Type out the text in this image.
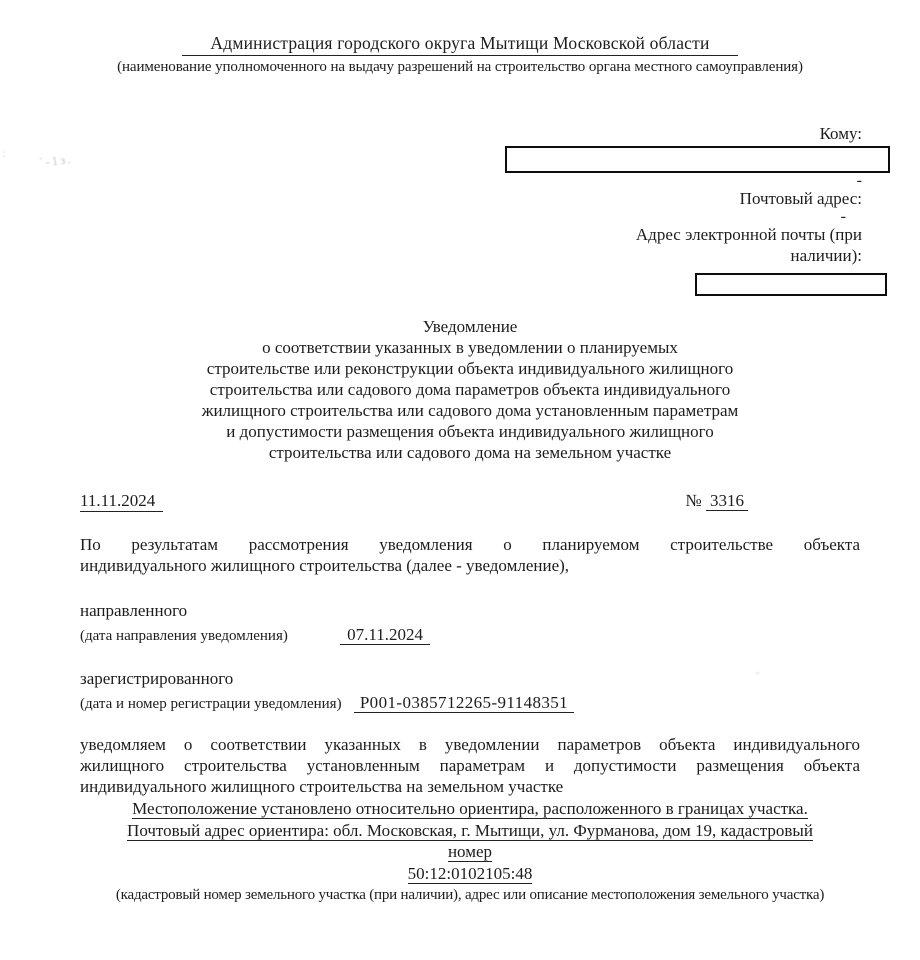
´-1з.
:
''
Администрация городского округа Мытищи Московской области
(наименование уполномоченного на выдачу разрешений на строительство органа местного самоуправления)
Кому:
-
Почтовый адрес:
-
Адрес электронной почты (при наличии):
Уведомление
о соответствии указанных в уведомлении о планируемых
строительстве или реконструкции объекта индивидуального жилищного
строительства или садового дома параметров объекта индивидуального
жилищного строительства или садового дома установленным параметрам
и допустимости размещения объекта индивидуального жилищного
строительства или садового дома на земельном участке
11.11.2024	№ 3316
По результатам рассмотрения уведомления о планируемом строительстве объекта
индивидуального жилищного строительства (далее - уведомление),
направленного
(дата направления уведомления)	07.11.2024
зарегистрированного
(дата и номер регистрации уведомления) Р001-0385712265-91148351
уведомляем о соответствии указанных в уведомлении параметров объекта индивидуального
жилищного строительства установленным параметрам и допустимости размещения объекта
индивидуального жилищного строительства на земельном участке
Местоположение установлено относительно ориентира, расположенного в границах участка.
Почтовый адрес ориентира: обл. Московская, г. Мытищи, ул. Фурманова, дом 19, кадастровый
номер
50:12:0102105:48
(кадастровый номер земельного участка (при наличии), адрес или описание местоположения земельного участка)
